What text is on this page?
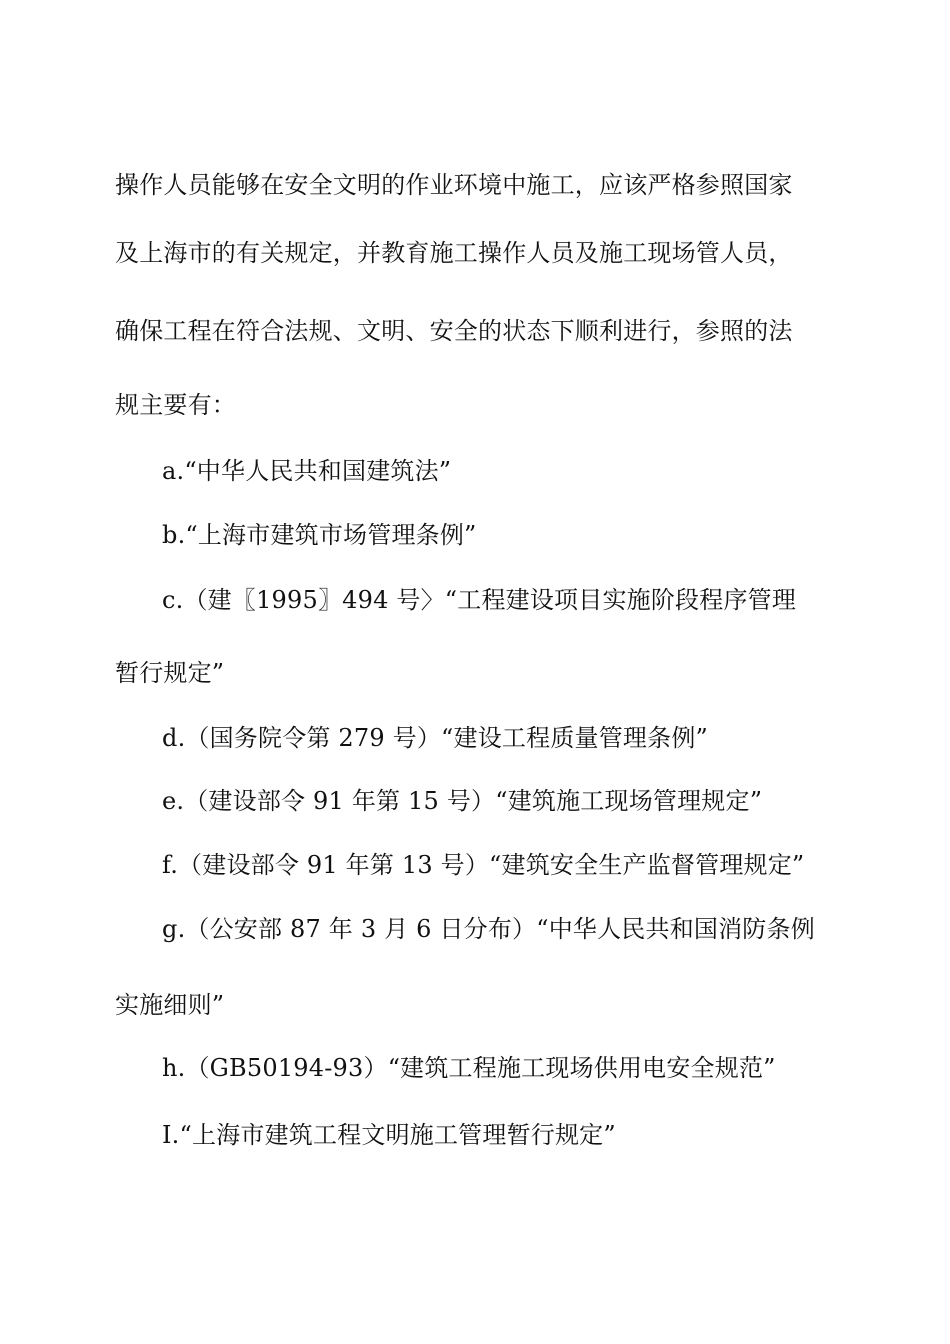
操作人员能够在安全文明的作业环境中施工，应该严格参照国家
及上海市的有关规定，并教育施工操作人员及施工现场管人员，
确保工程在符合法规、文明、安全的状态下顺利进行，参照的法
规主要有：
a.“中华人民共和国建筑法”
b.“上海市建筑市场管理条例”
c.（建〖1995〗494 号〉“工程建设项目实施阶段程序管理
暂行规定”
d.（国务院令第 279 号）“建设工程质量管理条例”
e.（建设部令 91 年第 15 号）“建筑施工现场管理规定”
f.（建设部令 91 年第 13 号）“建筑安全生产监督管理规定”
g.（公安部 87 年 3 月 6 日分布）“中华人民共和国消防条例
实施细则”
h.（GB50194-93）“建筑工程施工现场供用电安全规范”
I.“上海市建筑工程文明施工管理暂行规定”
